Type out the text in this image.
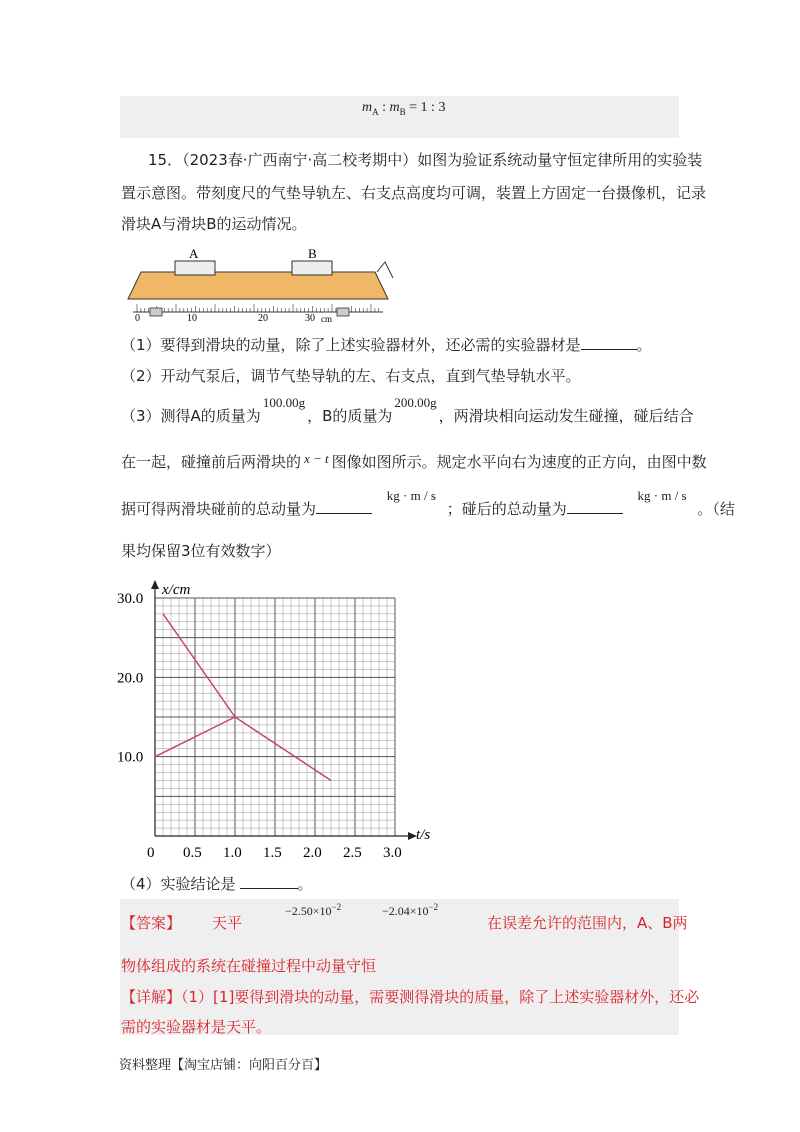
$m_A$ : $m_B = 1$ : 3
15．（2023春·广西南宁·高二校考期中）如图为验证系统动量守恒定律所用的实验装
置示意图。带刻度尺的气垫导轨左、右支点高度均可调，装置上方固定一台摄像机，记录
滑块A与滑块B的运动情况。
A	B
0	10	20	30 cm
（1）要得到滑块的动量，除了上述实验器材外，还必需的实验器材是	。
（2）开动气泵后，调节气垫导轨的左、右支点，直到气垫导轨水平。
（3）测得A的质量为100.00g，B的质量为200.00g，两滑块相向运动发生碰撞，碰后结合
在一起，碰撞前后两滑块的 x − t 图像如图所示。规定水平向右为速度的正方向，由图中数
据可得两滑块碰前的总动量为 kg · m / s ；碰后的总动量为 kg · m / s 。（结
果均保留3位有效数字）
0 0.5 1.0 1.5 2.0 2.5 3.0
10.0
20.0
30.0
x/cm
t/s
（4）实验结论是	。
【答案】 天平
$-2.50\times 10^{-2}$	$-2.04\times 10^{-2}$
在误差允许的范围内，A、B两
物体组成的系统在碰撞过程中动量守恒
【详解】（1）[1]要得到滑块的动量，需要测得滑块的质量，除了上述实验器材外，还必
需的实验器材是天平。
资料整理【淘宝店铺：向阳百分百】
